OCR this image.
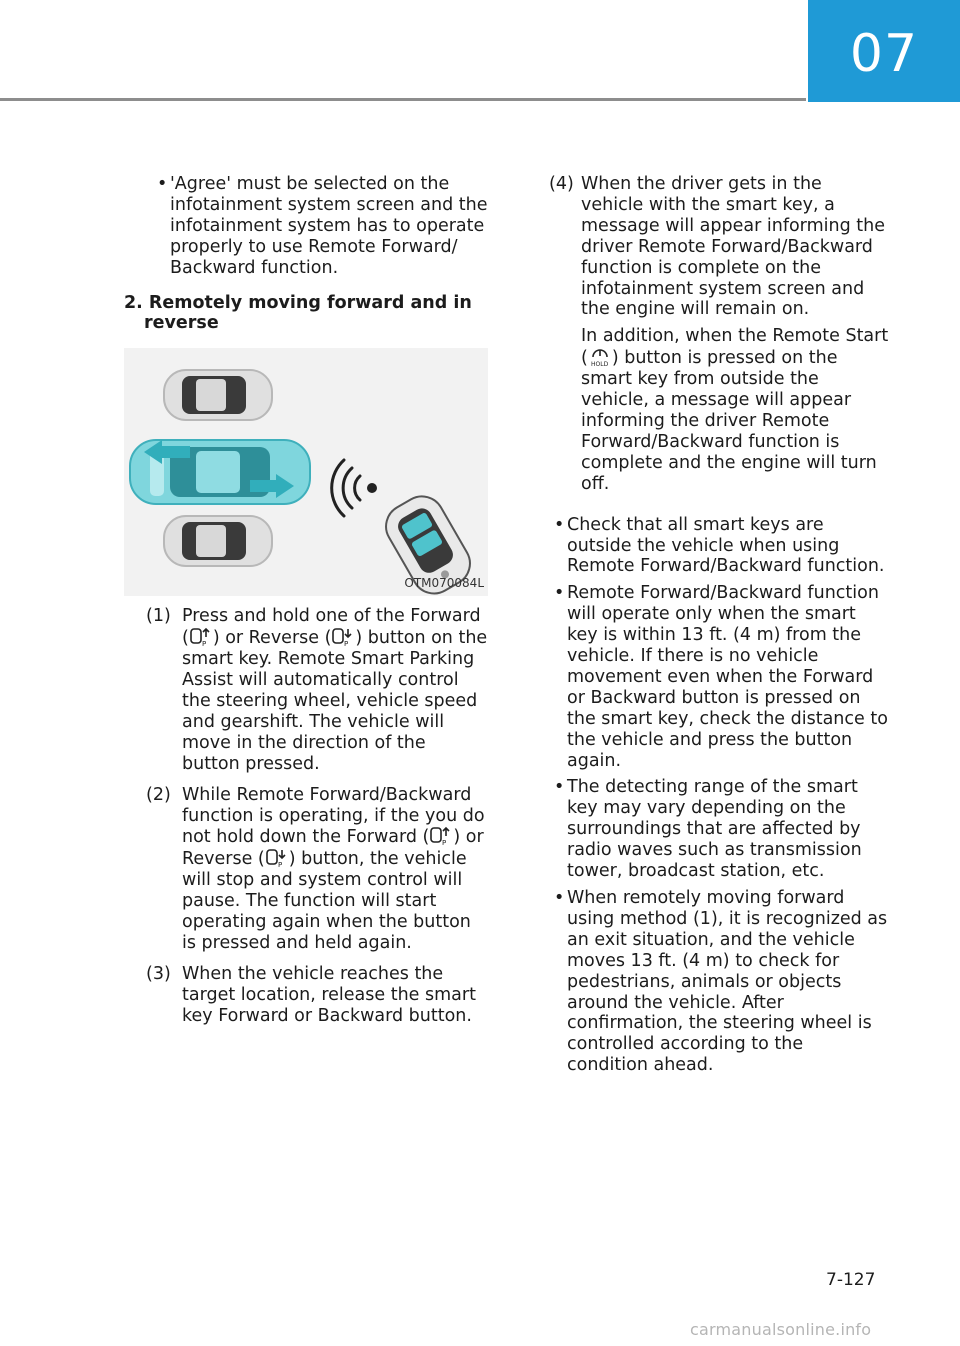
07
• 'Agree' must be selected on the infotainment system screen and the infotainment system has to operate properly to use Remote Forward/ Backward function.
2. Remotely moving forward and in reverse
OTM070084L
(1) Press and hold one of the Forward ( P ) or Reverse ( P ) button on the smart key. Remote Smart Parking Assist will automatically control the steering wheel, vehicle speed and gearshift. The vehicle will move in the direction of the button pressed.
(2) While Remote Forward/Backward function is operating, if the you do not hold down the Forward ( P ) or Reverse ( P ) button, the vehicle will stop and system control will pause. The function will start operating again when the button is pressed and held again.
(3) When the vehicle reaches the target location, release the smart key Forward or Backward button.
(4) When the driver gets in the vehicle with the smart key, a message will appear informing the driver Remote Forward/Backward function is complete on the infotainment system screen and the engine will remain on.

In addition, when the Remote Start ( HOLD ) button is pressed on the smart key from outside the vehicle, a message will appear informing the driver Remote Forward/Backward function is complete and the engine will turn off.

• Check that all smart keys are outside the vehicle when using Remote Forward/Backward function.
• Remote Forward/Backward function will operate only when the smart key is within 13 ft. (4 m) from the vehicle. If there is no vehicle movement even when the Forward or Backward button is pressed on the smart key, check the distance to the vehicle and press the button again.
• The detecting range of the smart key may vary depending on the surroundings that are affected by radio waves such as transmission tower, broadcast station, etc.
• When remotely moving forward using method (1), it is recognized as an exit situation, and the vehicle moves 13 ft. (4 m) to check for pedestrians, animals or objects around the vehicle. After confirmation, the steering wheel is controlled according to the condition ahead.
7-127
carmanualsonline.info
